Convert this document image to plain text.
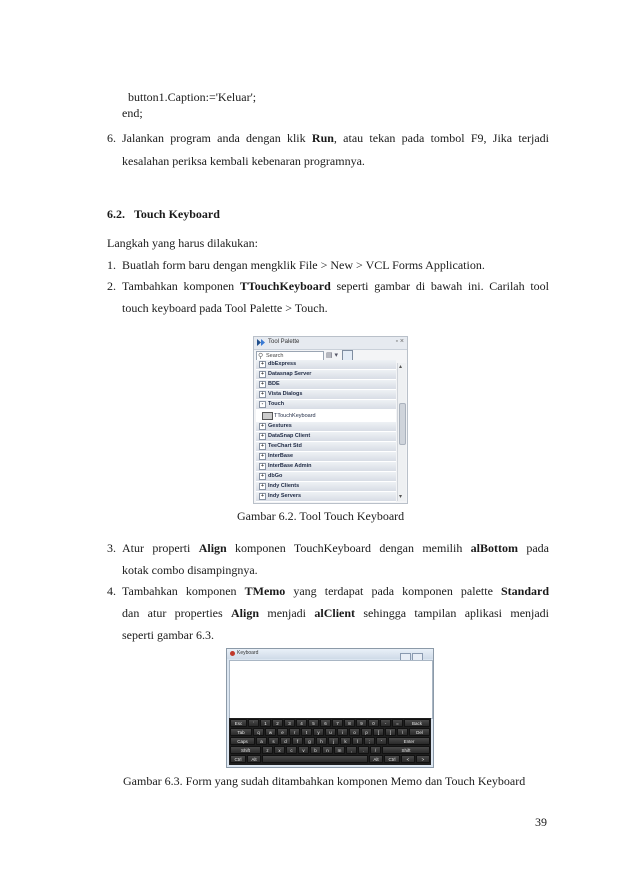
button1.Caption:='Keluar';
end;
6. Jalankan program anda dengan klik Run, atau tekan pada tombol F9, Jika terjadi
kesalahan periksa kembali kebenaran programnya.
6.2. Touch Keyboard
Langkah yang harus dilakukan:
1. Buatlah form baru dengan mengklik File > New > VCL Forms Application.
2. Tambahkan komponen TTouchKeyboard seperti gambar di bawah ini. Carilah tool
touch keyboard pada Tool Palette > Touch.
Tool Palette	▫ ×
⚲ Search	▤ ▾
+ dbExpress
+ Datasnap Server
+ BDE
+ Vista Dialogs
- Touch
TTouchKeyboard
+ Gestures
+ DataSnap Client
+ TeeChart Std
+ InterBase
+ InterBase Admin
+ dbGo
+ Indy Clients
+ Indy Servers
▴
▾
Gambar 6.2. Tool Touch Keyboard
3. Atur properti Align komponen TouchKeyboard dengan memilih alBottom pada
kotak combo disampingnya.
4. Tambahkan komponen TMemo yang terdapat pada komponen palette Standard
dan atur properties Align menjadi alClient sehingga tampilan aplikasi menjadi
seperti gambar 6.3.
Keyboard
Esc	`	1	2	3	4	5	6	7	8	9	0	-	=	Back
Tab	q	w	e	r	t	y	u	i	o	p	[	]	\	Del
Caps	a	s	d	f	g	h	j	k	l	;	'	Enter
Shift	z	x	c	v	b	n	m	,	.	/	Shift
Ctrl	Alt	Alt	Ctrl	<	>
Gambar 6.3. Form yang sudah ditambahkan komponen Memo dan Touch Keyboard
39
